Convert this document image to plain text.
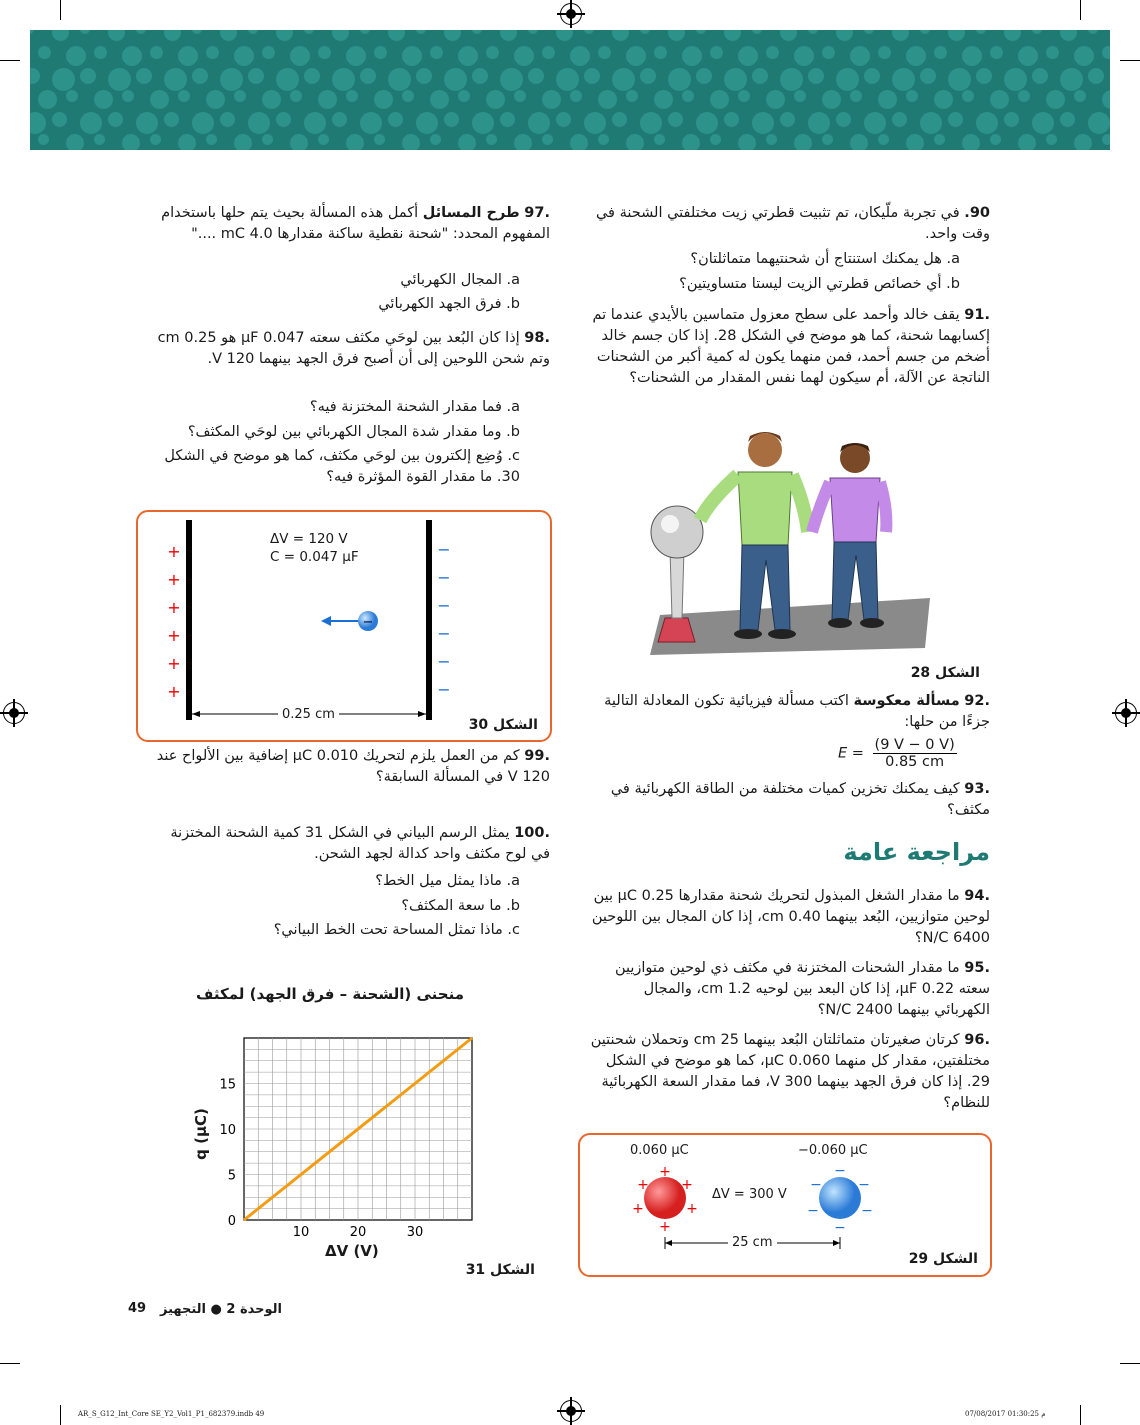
90. في تجربة ملّيكان، تم تثبيت قطرتي زيت مختلفتي الشحنة في وقت واحد.
a. هل يمكنك استنتاج أن شحنتيهما متماثلتان؟
b. أي خصائص قطرتي الزيت ليستا متساويتين؟
.91 يقف خالد وأحمد على سطح معزول متماسين بالأيدي عندما تم إكسابهما شحنة، كما هو موضح في الشكل 28. إذا كان جسم خالد أضخم من جسم أحمد، فمن منهما يكون له كمية أكبر من الشحنات الناتجة عن الآلة، أم سيكون لهما نفس المقدار من الشحنات؟
الشكل 28
.92 مسألة معكوسة اكتب مسألة فيزيائية تكون المعادلة التالية جزءًا من حلها:
$E = \frac{(9 V - 0 V)}{0.85 cm}$
.93 كيف يمكنك تخزين كميات مختلفة من الطاقة الكهربائية في مكثف؟
مراجعة عامة
.94 ما مقدار الشغل المبذول لتحريك شحنة مقدارها 0.25 μC بين لوحين متوازيين، البُعد بينهما 0.40 cm، إذا كان المجال بين اللوحين 6400 N/C؟
.95 ما مقدار الشحنات المختزنة في مكثف ذي لوحين متوازيين سعته 0.22 μF، إذا كان البعد بين لوحيه 1.2 cm، والمجال الكهربائي بينهما 2400 N/C؟
.96 كرتان صغيرتان متماثلتان البُعد بينهما 25 cm وتحملان شحنتين مختلفتين، مقدار كل منهما 0.060 μC، كما هو موضح في الشكل 29. إذا كان فرق الجهد بينهما 300 V، فما مقدار السعة الكهربائية للنظام؟
0.060 μC	−0.060 μC
+
+ +
+	+
+
−
−	−
−	−
−
ΔV = 300 V
25 cm
الشكل 29
.97 طرح المسائل أكمل هذه المسألة بحيث يتم حلها باستخدام المفهوم المحدد: "شحنة نقطية ساكنة مقدارها 4.0 mC ...."
a. المجال الكهربائي
b. فرق الجهد الكهربائي
.98 إذا كان البُعد بين لوحَي مكثف سعته 0.047 μF هو 0.25 cm وتم شحن اللوحين إلى أن أصبح فرق الجهد بينهما 120 V.
a. فما مقدار الشحنة المختزنة فيه؟
b. وما مقدار شدة المجال الكهربائي بين لوحَي المكثف؟
c. وُضِع إلكترون بين لوحَي مكثف، كما هو موضح في الشكل 30. ما مقدار القوة المؤثرة فيه؟
+
+
+
+
+
+
−
−
−
−
−
−
−
ΔV = 120 V
C = 0.047 μF
0.25 cm
الشكل 30
.99 كم من العمل يلزم لتحريك 0.010 μC إضافية بين الألواح عند 120 V في المسألة السابقة؟
.100 يمثل الرسم البياني في الشكل 31 كمية الشحنة المختزنة في لوح مكثف واحد كدالة لجهد الشحن.
a. ماذا يمثل ميل الخط؟
b. ما سعة المكثف؟
c. ماذا تمثل المساحة تحت الخط البياني؟
منحنى (الشحنة – فرق الجهد) لمكثف
10	20	30
0
5
10
15
ΔV (V)
q (μC)
الشكل 31
49 الوحدة 2 ● التجهيز
AR_S_G12_Int_Core SE_Y2_Vol1_P1_682379.indb 49	07/08/2017 01:30:25 م
